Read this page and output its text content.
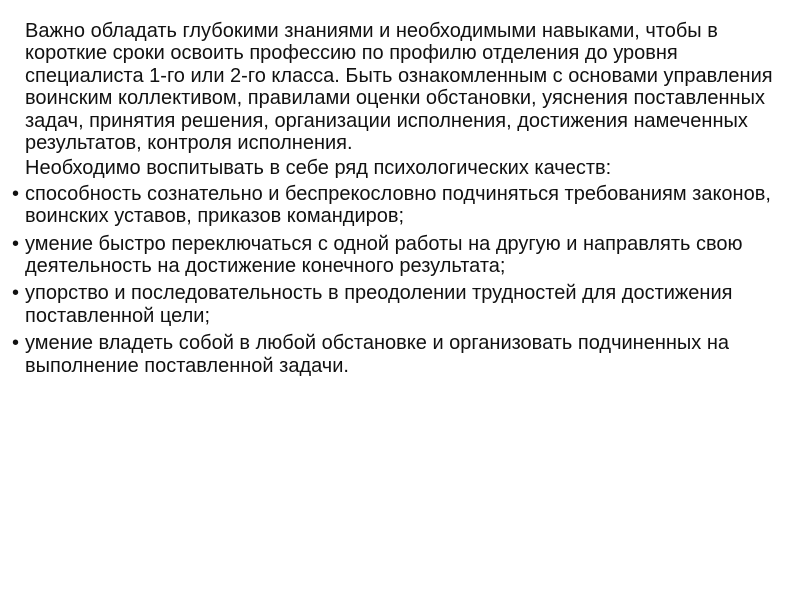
Важно обладать глубокими знаниями и необходимыми навыками, чтобы в короткие сроки освоить профессию по профилю отделения до уровня специалиста 1-го или 2-го класса. Быть ознакомленным с основами управления воинским коллективом, правилами оценки обстановки, уяснения поставленных задач, принятия решения, организации исполнения, достижения намеченных результатов, контроля исполнения.

Необходимо воспитывать в себе ряд психологических качеств:

• способность сознательно и беспрекословно подчиняться требованиям законов, воинских уставов, приказов командиров;
• умение быстро переключаться с одной работы на другую и направлять свою деятельность на достижение конечного результата;
• упорство и последовательность в преодолении трудностей для достижения поставленной цели;
• умение владеть собой в любой обстановке и организовать подчиненных на выполнение поставленной задачи.
